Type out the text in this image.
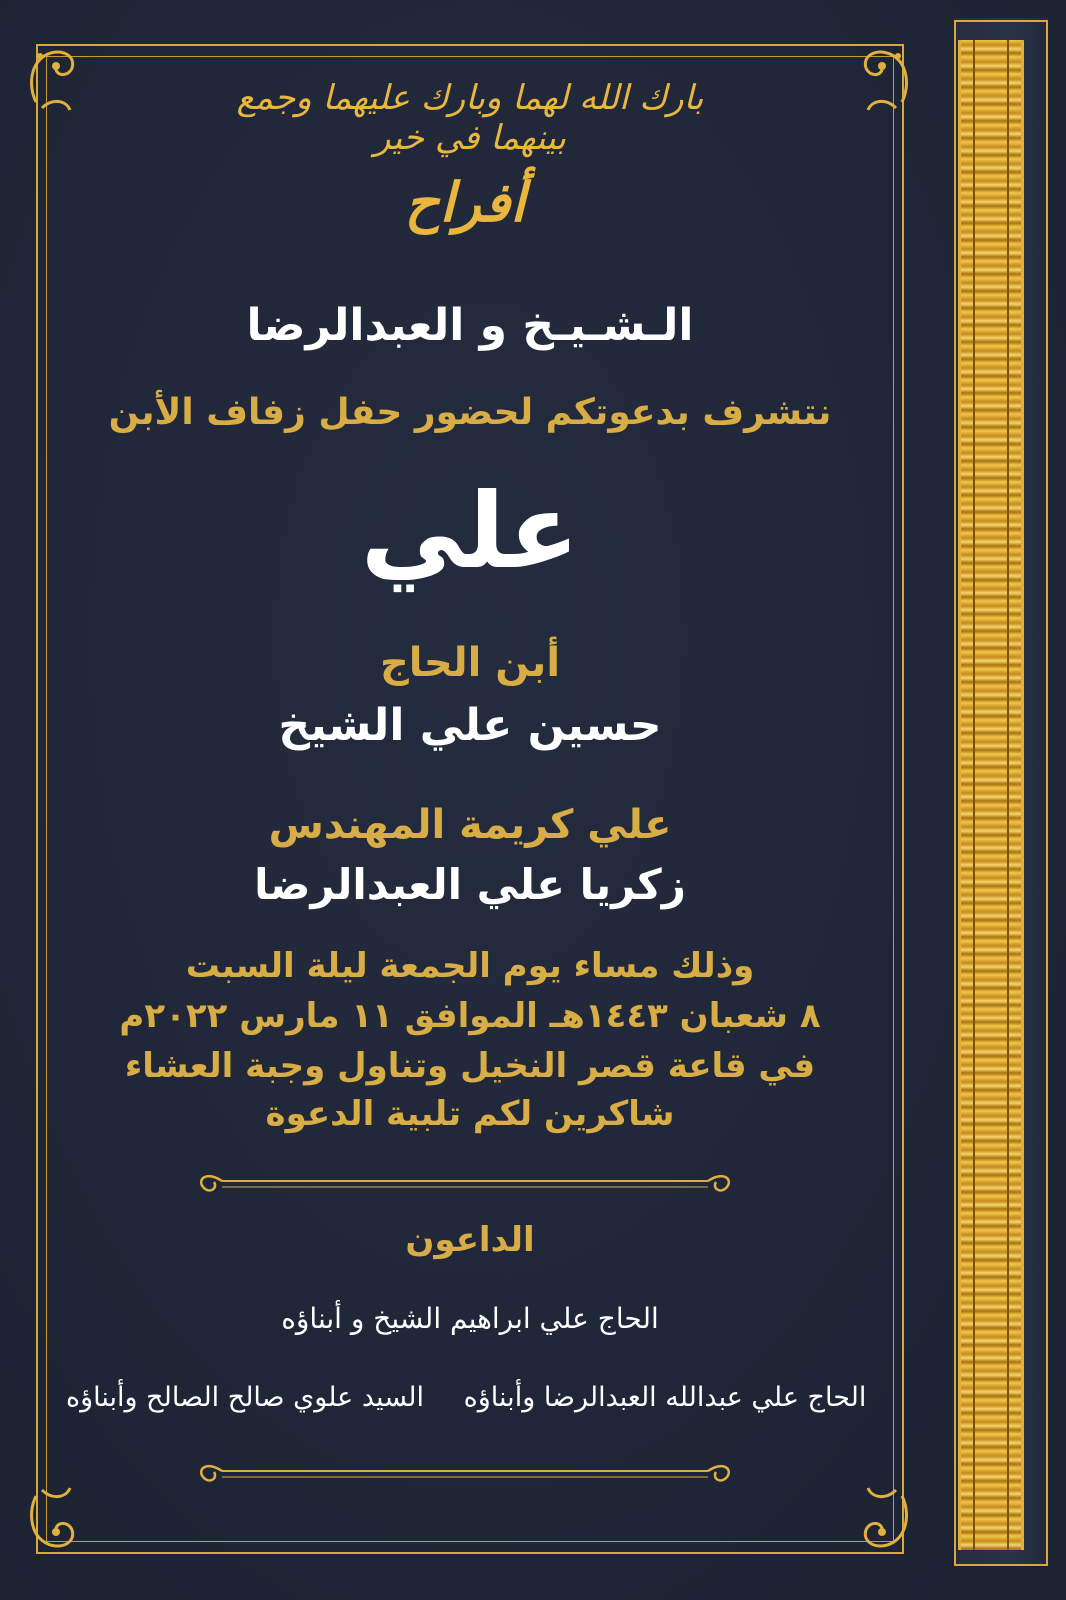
بارك الله لهما وبارك عليهما وجمع بينهما في خير
أفراح
الـشـيـخ و العبدالرضا
نتشرف بدعوتكم لحضور حفل زفاف الأبن
علي
أبن الحاج
حسين علي الشيخ
علي كريمة المهندس
زكريا علي العبدالرضا
وذلك مساء يوم الجمعة ليلة السبت
٨ شعبان ١٤٤٣هـ الموافق ١١ مارس ٢٠٢٢م
في قاعة قصر النخيل وتناول وجبة العشاء
شاكرين لكم تلبية الدعوة
الداعون
الحاج علي ابراهيم الشيخ و أبناؤه
الحاج علي عبدالله العبدالرضا وأبناؤه
السيد علوي صالح الصالح وأبناؤه
